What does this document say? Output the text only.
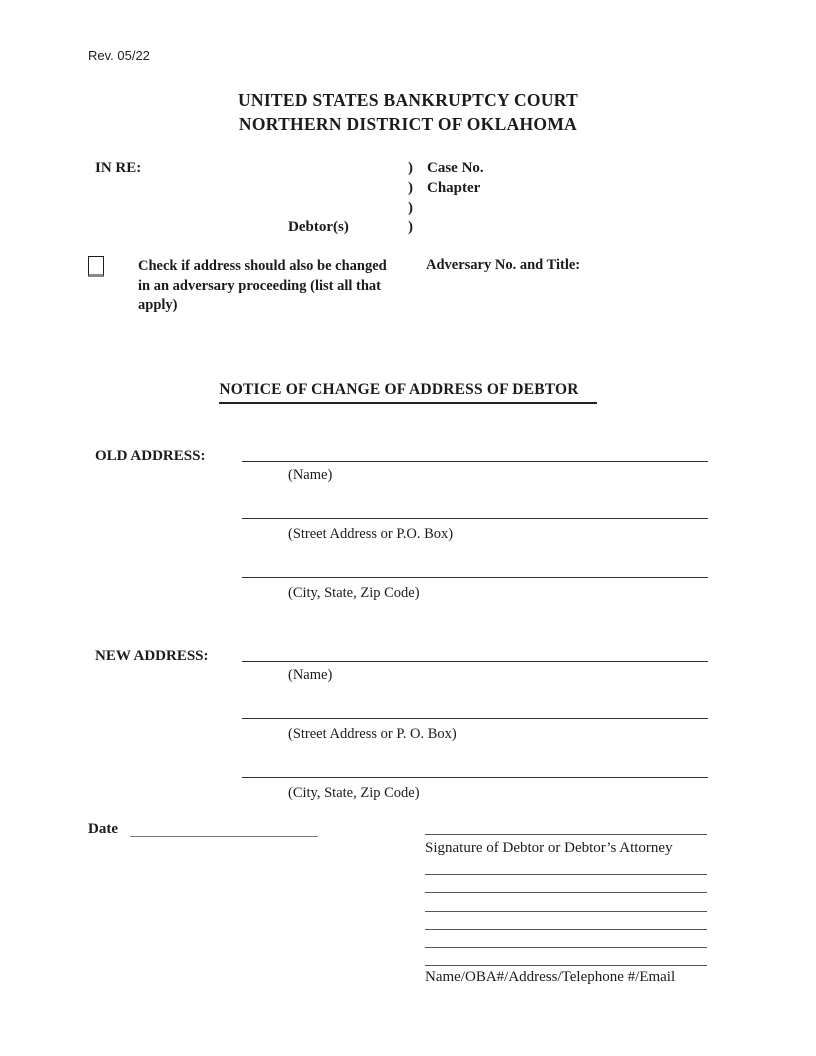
Rev. 05/22
UNITED STATES BANKRUPTCY COURT
NORTHERN DISTRICT OF OKLAHOMA
IN RE:	)
)
)
)
Case No.
Chapter
Debtor(s)
Check if address should also be changed in an adversary proceeding (list all that apply)
Adversary No. and Title:
NOTICE OF CHANGE OF ADDRESS OF DEBTOR
OLD ADDRESS:
(Name)
(Street Address or P.O. Box)
(City, State, Zip Code)
NEW ADDRESS:
(Name)
(Street Address or P. O. Box)
(City, State, Zip Code)
Date
Signature of Debtor or Debtor’s Attorney
Name/OBA#/Address/Telephone #/Email
